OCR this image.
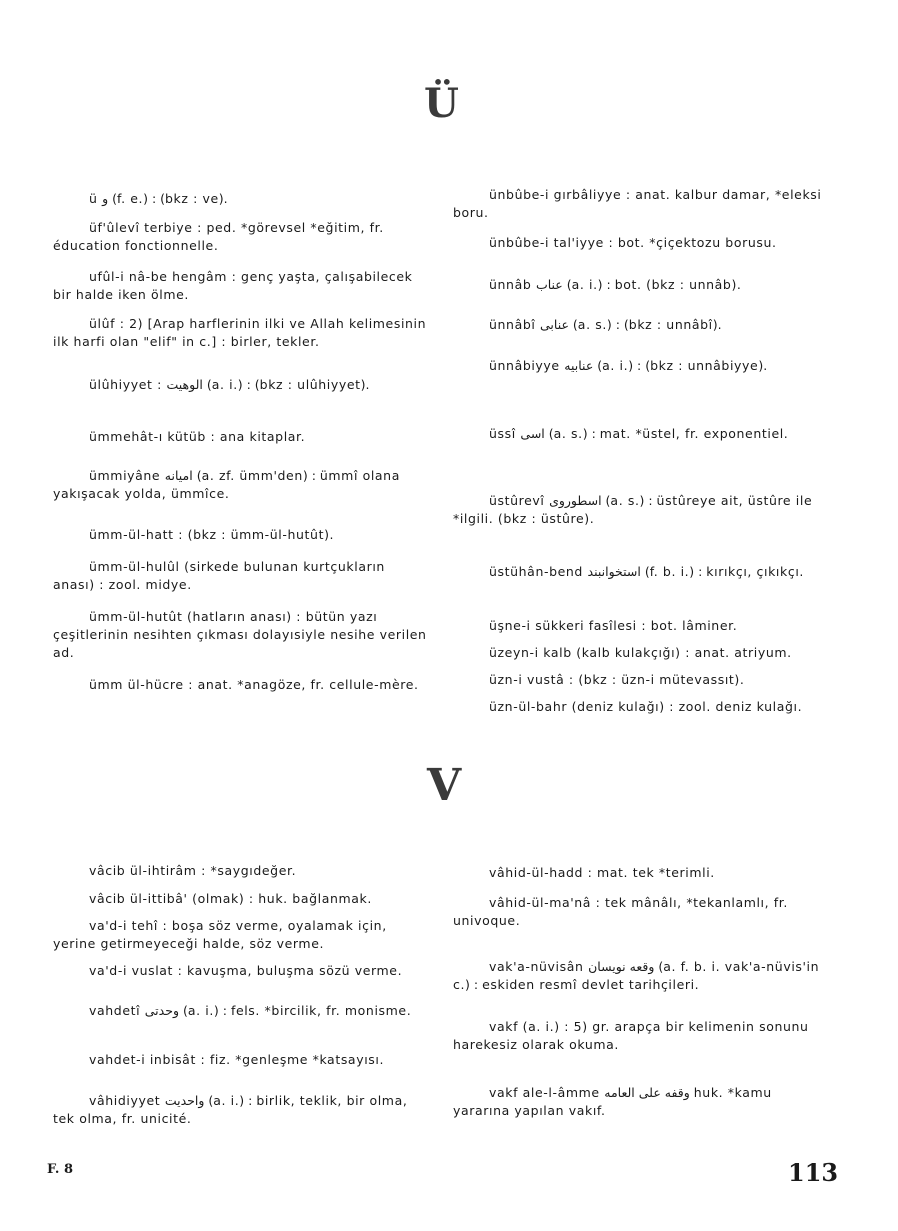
Ü
V
ü و (f. e.) : (bkz : ve).
üf'ûlevî terbiye : ped. *görevsel *eğitim, fr. éducation fonctionnelle.
ufûl-i nâ-be hengâm : genç yaşta, çalışabilecek bir halde iken ölme.
ülûf : 2) [Arap harflerinin ilki ve Allah kelimesinin ilk harfi olan "elif" in c.] : birler, tekler.
ülûhiyyet : الوهيت (a. i.) : (bkz : ulûhiyyet).
ümmehât-ı kütüb : ana kitaplar.
ümmiyâne اميانه (a. zf. ümm'den) : ümmî olana yakışacak yolda, ümmîce.
ümm-ül-hatt : (bkz : ümm-ül-hutût).
ümm-ül-hulûl (sirkede bulunan kurtçukların anası) : zool. midye.
ümm-ül-hutût (hatların anası) : bütün yazı çeşitlerinin nesihten çıkması dolayısiyle nesihe verilen ad.
ümm ül-hücre : anat. *anagöze, fr. cellule-mère.
ünbûbe-i gırbâliyye : anat. kalbur damar, *eleksi boru.
ünbûbe-i tal'iyye : bot. *çiçektozu borusu.
ünnâb عناب (a. i.) : bot. (bkz : unnâb).
ünnâbî عنابى (a. s.) : (bkz : unnâbî).
ünnâbiyye عنابيه (a. i.) : (bkz : unnâbiyye).
üssî اسى (a. s.) : mat. *üstel, fr. exponentiel.
üstûrevî اسطوروى (a. s.) : üstûreye ait, üstûre ile *ilgili. (bkz : üstûre).
üstühân-bend استخوانبند (f. b. i.) : kırıkçı, çıkıkçı.
üşne-i sükkeri fasîlesi : bot. lâminer.
üzeyn-i kalb (kalb kulakçığı) : anat. atriyum.
üzn-i vustâ : (bkz : üzn-i mütevassıt).
üzn-ül-bahr (deniz kulağı) : zool. deniz kulağı.
vâcib ül-ihtirâm : *saygıdeğer.
vâcib ül-ittibâ' (olmak) : huk. bağlanmak.
va'd-i tehî : boşa söz verme, oyalamak için, yerine getirmeyeceği halde, söz verme.
va'd-i vuslat : kavuşma, buluşma sözü verme.
vahdetî وحدتى (a. i.) : fels. *bircilik, fr. monisme.
vahdet-i inbisât : fiz. *genleşme *katsayısı.
vâhidiyyet واحديت (a. i.) : birlik, teklik, bir olma, tek olma, fr. unicité.
vâhid-ül-hadd : mat. tek *terimli.
vâhid-ül-ma'nâ : tek mânâlı, *tekanlamlı, fr. univoque.
vak'a-nüvisân وقعه نويسان (a. f. b. i. vak'a-nüvis'in c.) : eskiden resmî devlet tarihçileri.
vakf (a. i.) : 5) gr. arapça bir kelimenin sonunu harekesiz olarak okuma.
vakf ale-l-âmme وقفه على العامه huk. *kamu yararına yapılan vakıf.
F. 8	113
